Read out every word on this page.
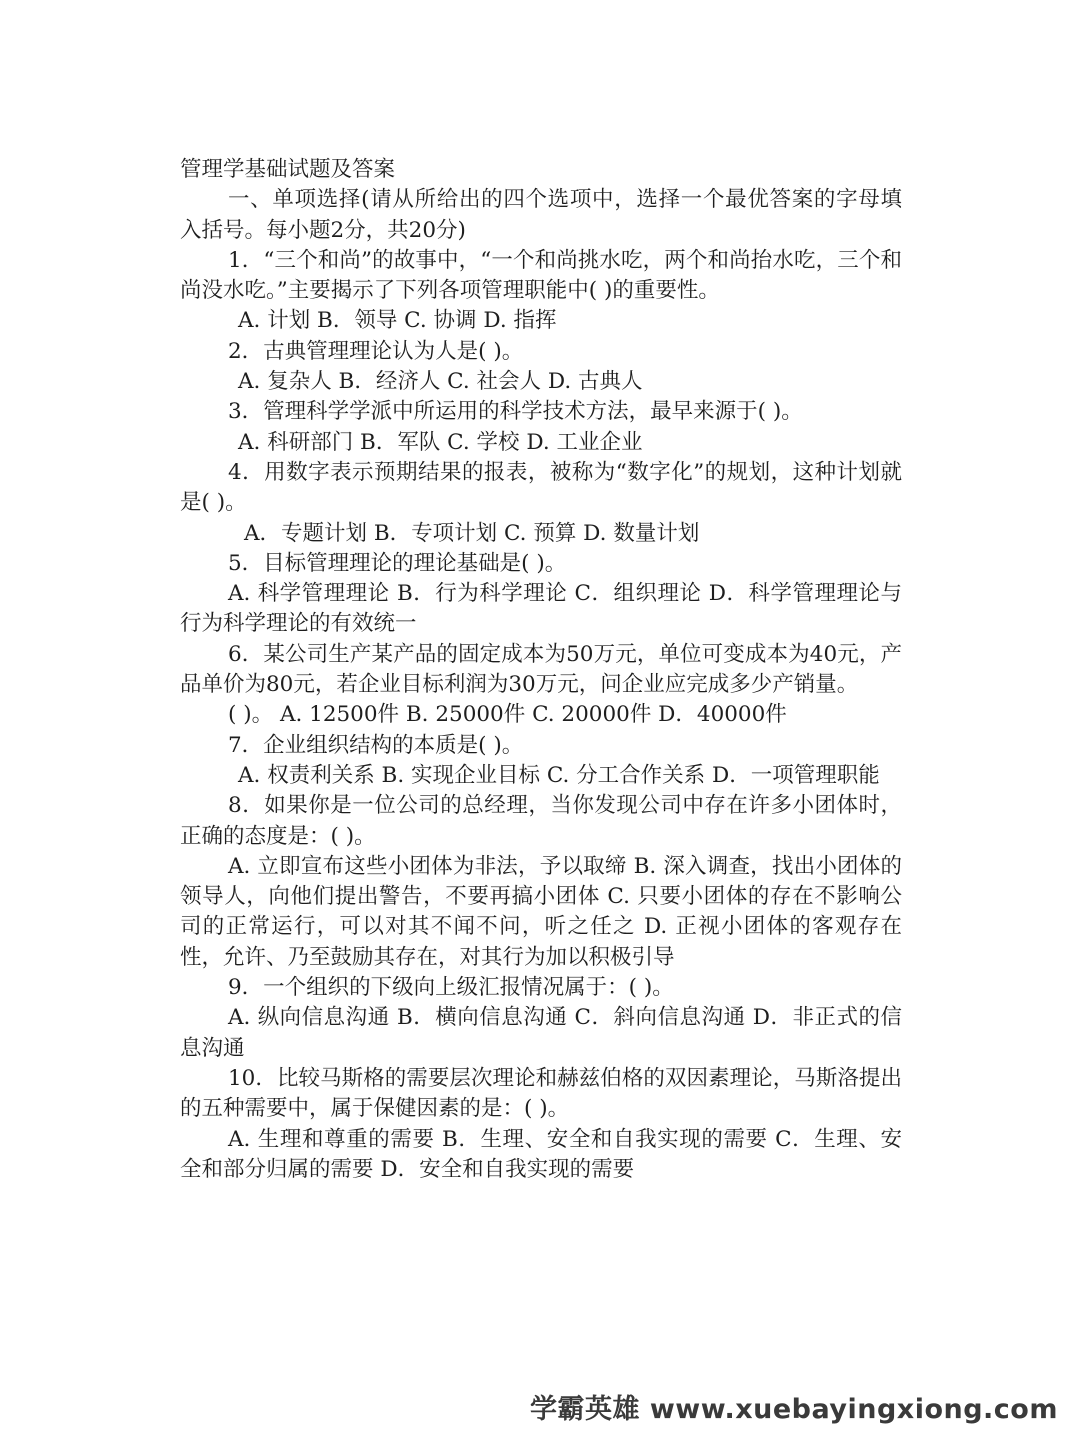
管理学基础试题及答案

一、单项选择(请从所给出的四个选项中，选择一个最优答案的字母填入括号。每小题2分，共20分)

1．“三个和尚”的故事中，“一个和尚挑水吃，两个和尚抬水吃，三个和尚没水吃。”主要揭示了下列各项管理职能中( )的重要性。

A. 计划 B．领导 C. 协调 D. 指挥

2．古典管理理论认为人是( )。

A. 复杂人 B．经济人 C. 社会人 D. 古典人

3．管理科学学派中所运用的科学技术方法，最早来源于( )。

A. 科研部门 B．军队 C. 学校 D. 工业企业

4．用数字表示预期结果的报表，被称为“数字化”的规划，这种计划就是( )。

A．专题计划 B．专项计划 C. 预算 D. 数量计划

5．目标管理理论的理论基础是( )。

A. 科学管理理论 B．行为科学理论 C．组织理论 D．科学管理理论与行为科学理论的有效统一

6．某公司生产某产品的固定成本为50万元，单位可变成本为40元，产品单价为80元，若企业目标利润为30万元，问企业应完成多少产销量。

( )。 A. 12500件 B. 25000件 C. 20000件 D．40000件

7．企业组织结构的本质是( )。

A. 权责利关系 B. 实现企业目标 C. 分工合作关系 D．一项管理职能

8．如果你是一位公司的总经理，当你发现公司中存在许多小团体时，正确的态度是：( )。

A. 立即宣布这些小团体为非法，予以取缔 B. 深入调查，找出小团体的领导人，向他们提出警告，不要再搞小团体 C. 只要小团体的存在不影响公司的正常运行，可以对其不闻不问，听之任之 D. 正视小团体的客观存在性，允许、乃至鼓励其存在，对其行为加以积极引导

9．一个组织的下级向上级汇报情况属于：( )。

A. 纵向信息沟通 B．横向信息沟通 C．斜向信息沟通 D．非正式的信息沟通

10．比较马斯格的需要层次理论和赫兹伯格的双因素理论，马斯洛提出的五种需要中，属于保健因素的是：( )。

A. 生理和尊重的需要 B．生理、安全和自我实现的需要 C．生理、安全和部分归属的需要 D．安全和自我实现的需要

学霸英雄 www.xuebayingxiong.com
